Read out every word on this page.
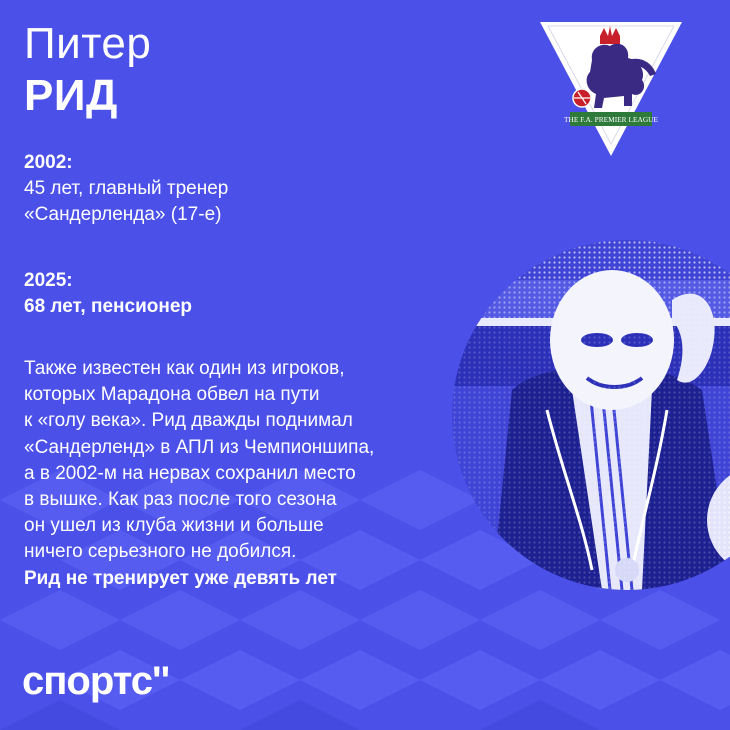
Питер
РИД
2002:
45 лет, главный тренер
«Сандерленда» (17-е)
2025:
68 лет, пенсионер
Также известен как один из игроков,
которых Марадона обвел на пути
к «голу века». Рид дважды поднимал
«Сандерленд» в АПЛ из Чемпионшипа,
а в 2002-м на нервах сохранил место
в вышке. Как раз после того сезона
он ушел из клуба жизни и больше
ничего серьезного не добился.
Рид не тренирует уже девять лет
THE F.A. PREMIER LEAGUE
спортс''
